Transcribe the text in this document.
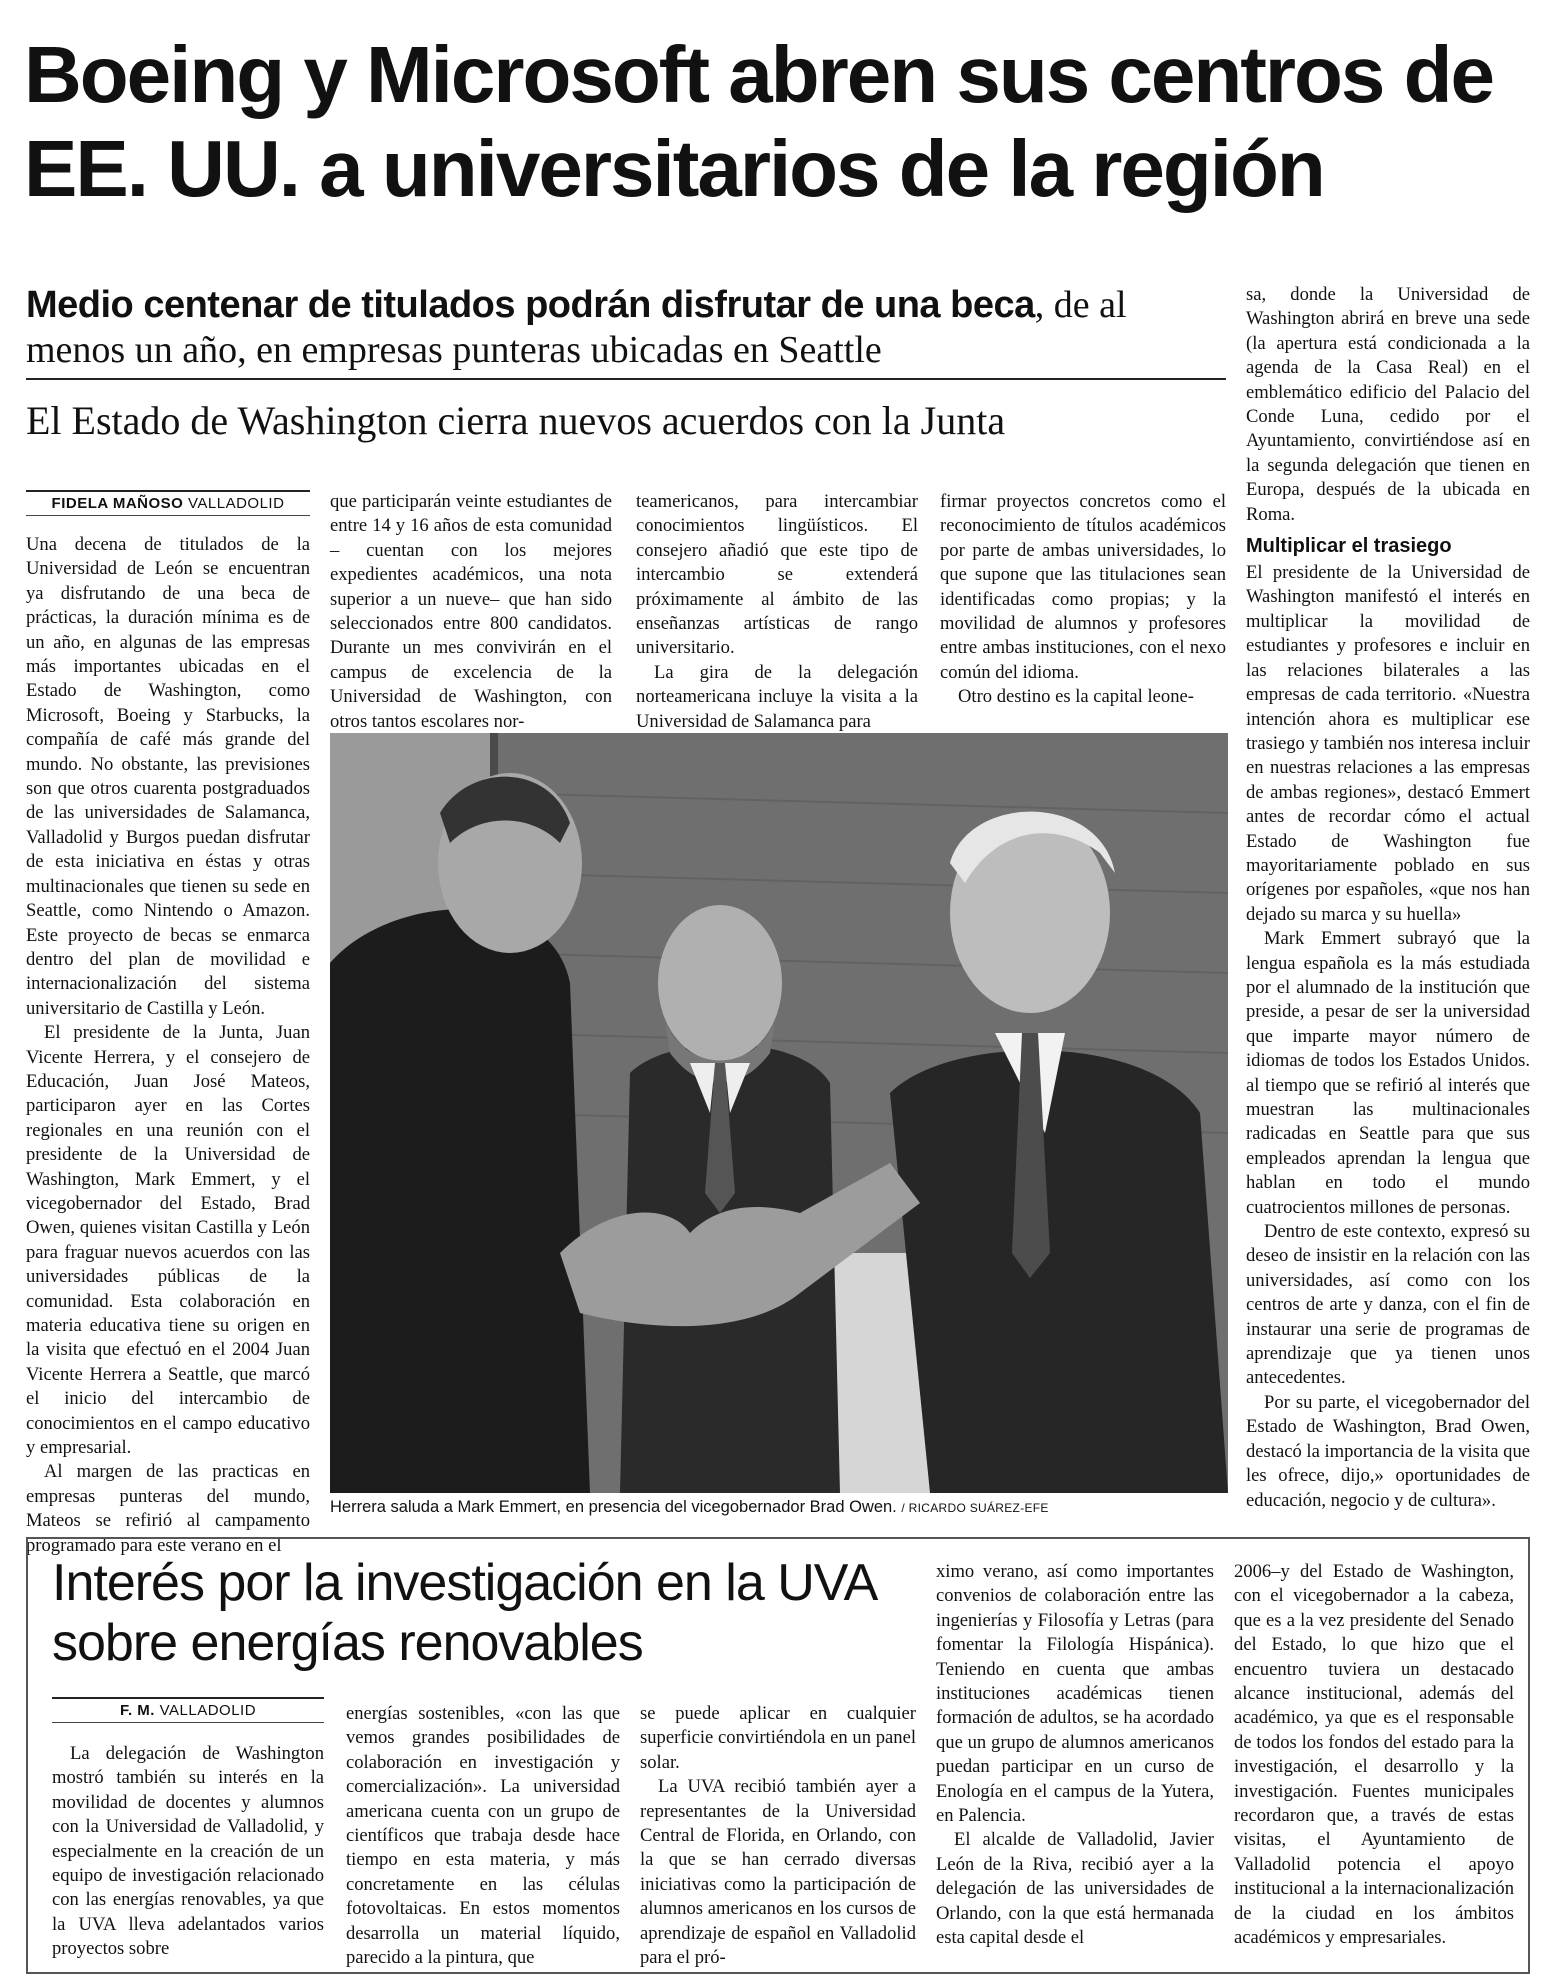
Boeing y Microsoft abren sus centros de EE. UU. a universitarios de la región
Medio centenar de titulados podrán disfrutar de una beca, de al menos un año, en empresas punteras ubicadas en Seattle
El Estado de Washington cierra nuevos acuerdos con la Junta
FIDELA MAÑOSO VALLADOLID

Una decena de titulados de la Universidad de León se encuentran ya disfrutando de una beca de prácticas, la duración mínima es de un año, en algunas de las empresas más importantes ubicadas en el Estado de Washington, como Microsoft, Boeing y Starbucks, la compañía de café más grande del mundo. No obstante, las previsiones son que otros cuarenta postgraduados de las universidades de Salamanca, Valladolid y Burgos puedan disfrutar de esta iniciativa en éstas y otras multinacionales que tienen su sede en Seattle, como Nintendo o Amazon. Este proyecto de becas se enmarca dentro del plan de movilidad e internacionalización del sistema universitario de Castilla y León.

El presidente de la Junta, Juan Vicente Herrera, y el consejero de Educación, Juan José Mateos, participaron ayer en las Cortes regionales en una reunión con el presidente de la Universidad de Washington, Mark Emmert, y el vicegobernador del Estado, Brad Owen, quienes visitan Castilla y León para fraguar nuevos acuerdos con las universidades públicas de la comunidad. Esta colaboración en materia educativa tiene su origen en la visita que efectuó en el 2004 Juan Vicente Herrera a Seattle, que marcó el inicio del intercambio de conocimientos en el campo educativo y empresarial.

Al margen de las practicas en empresas punteras del mundo, Mateos se refirió al campamento programado para este verano en el

que participarán veinte estudiantes de entre 14 y 16 años de esta comunidad – cuentan con los mejores expedientes académicos, una nota superior a un nueve– que han sido seleccionados entre 800 candidatos. Durante un mes convivirán en el campus de excelencia de la Universidad de Washington, con otros tantos escolares nor-

teamericanos, para intercambiar conocimientos lingüísticos. El consejero añadió que este tipo de intercambio se extenderá próximamente al ámbito de las enseñanzas artísticas de rango universitario.

La gira de la delegación norteamericana incluye la visita a la Universidad de Salamanca para

firmar proyectos concretos como el reconocimiento de títulos académicos por parte de ambas universidades, lo que supone que las titulaciones sean identificadas como propias; y la movilidad de alumnos y profesores entre ambas instituciones, con el nexo común del idioma.

Otro destino es la capital leone-

sa, donde la Universidad de Washington abrirá en breve una sede (la apertura está condicionada a la agenda de la Casa Real) en el emblemático edificio del Palacio del Conde Luna, cedido por el Ayuntamiento, convirtiéndose así en la segunda delegación que tienen en Europa, después de la ubicada en Roma.

Multiplicar el trasiego

El presidente de la Universidad de Washington manifestó el interés en multiplicar la movilidad de estudiantes y profesores e incluir en las relaciones bilaterales a las empresas de cada territorio. «Nuestra intención ahora es multiplicar ese trasiego y también nos interesa incluir en nuestras relaciones a las empresas de ambas regiones», destacó Emmert antes de recordar cómo el actual Estado de Washington fue mayoritariamente poblado en sus orígenes por españoles, «que nos han dejado su marca y su huella»

Mark Emmert subrayó que la lengua española es la más estudiada por el alumnado de la institución que preside, a pesar de ser la universidad que imparte mayor número de idiomas de todos los Estados Unidos. al tiempo que se refirió al interés que muestran las multinacionales radicadas en Seattle para que sus empleados aprendan la lengua que hablan en todo el mundo cuatrocientos millones de personas.

Dentro de este contexto, expresó su deseo de insistir en la relación con las universidades, así como con los centros de arte y danza, con el fin de instaurar una serie de programas de aprendizaje que ya tienen unos antecedentes.

Por su parte, el vicegobernador del Estado de Washington, Brad Owen, destacó la importancia de la visita que les ofrece, dijo,» oportunidades de educación, negocio y de cultura».

Herrera saluda a Mark Emmert, en presencia del vicegobernador Brad Owen. / RICARDO SUÁREZ-EFE
Interés por la investigación en la UVA sobre energías renovables
F. M. VALLADOLID

La delegación de Washington mostró también su interés en la movilidad de docentes y alumnos con la Universidad de Valladolid, y especialmente en la creación de un equipo de investigación relacionado con las energías renovables, ya que la UVA lleva adelantados varios proyectos sobre

energías sostenibles, «con las que vemos grandes posibilidades de colaboración en investigación y comercialización». La universidad americana cuenta con un grupo de científicos que trabaja desde hace tiempo en esta materia, y más concretamente en las células fotovoltaicas. En estos momentos desarrolla un material líquido, parecido a la pintura, que

se puede aplicar en cualquier superficie convirtiéndola en un panel solar.

La UVA recibió también ayer a representantes de la Universidad Central de Florida, en Orlando, con la que se han cerrado diversas iniciativas como la participación de alumnos americanos en los cursos de aprendizaje de español en Valladolid para el pró-

ximo verano, así como importantes convenios de colaboración entre las ingenierías y Filosofía y Letras (para fomentar la Filología Hispánica). Teniendo en cuenta que ambas instituciones académicas tienen formación de adultos, se ha acordado que un grupo de alumnos americanos puedan participar en un curso de Enología en el campus de la Yutera, en Palencia.

El alcalde de Valladolid, Javier León de la Riva, recibió ayer a la delegación de las universidades de Orlando, con la que está hermanada esta capital desde el

2006–y del Estado de Washington, con el vicegobernador a la cabeza, que es a la vez presidente del Senado del Estado, lo que hizo que el encuentro tuviera un destacado alcance institucional, además del académico, ya que es el responsable de todos los fondos del estado para la investigación, el desarrollo y la investigación. Fuentes municipales recordaron que, a través de estas visitas, el Ayuntamiento de Valladolid potencia el apoyo institucional a la internacionalización de la ciudad en los ámbitos académicos y empresariales.
